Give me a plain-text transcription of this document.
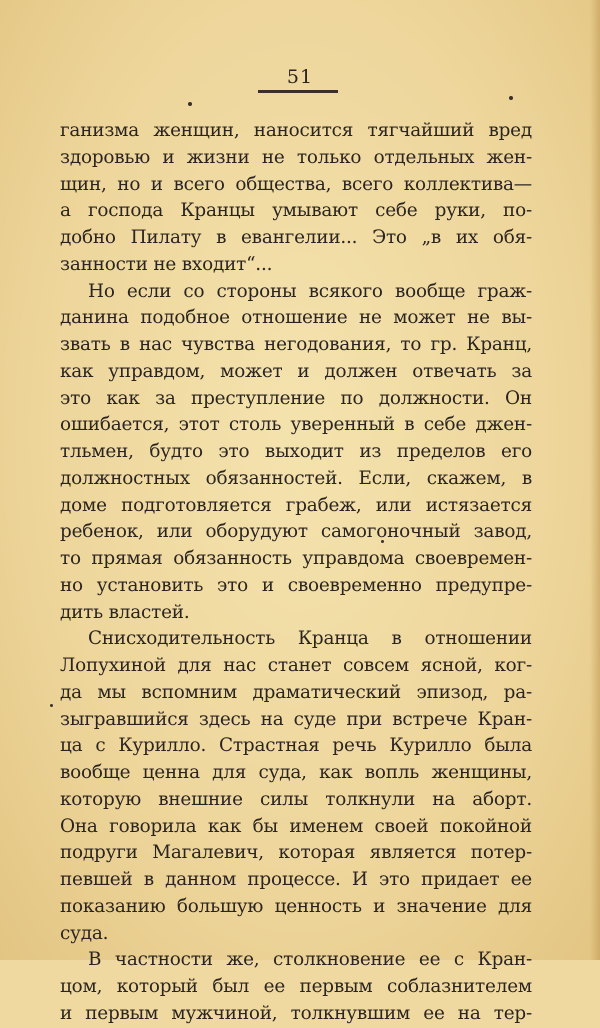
51
ганизма женщин, наносится тягчайший вред
здоровью и жизни не только отдельных жен-
щин, но и всего общества, всего коллектива—
а господа Кранцы умывают себе руки, по-
добно Пилату в евангелии... Это „в их обя-
занности не входит“...
Но если со стороны всякого вообще граж-
данина подобное отношение не может не вы-
звать в нас чувства негодования, то гр. Кранц,
как управдом, может и должен отвечать за
это как за преступление по должности. Он
ошибается, этот столь уверенный в себе джен-
тльмен, будто это выходит из пределов его
должностных обязанностей. Если, скажем, в
доме подготовляется грабеж, или истязается
ребенок, или оборудуют самогоночный завод,
то прямая обязанность управдома своевремен-
но установить это и своевременно предупре-
дить властей.
Снисходительность Кранца в отношении
Лопухиной для нас станет совсем ясной, ког-
да мы вспомним драматический эпизод, ра-
зыгравшийся здесь на суде при встрече Кран-
ца с Курилло. Страстная речь Курилло была
вообще ценна для суда, как вопль женщины,
которую внешние силы толкнули на аборт.
Она говорила как бы именем своей покойной
подруги Магалевич, которая является потер-
певшей в данном процессе. И это придает ее
показанию большую ценность и значение для
суда.
В частности же, столкновение ее с Кран-
цом, который был ее первым соблазнителем
и первым мужчиной, толкнувшим ее на тер-
